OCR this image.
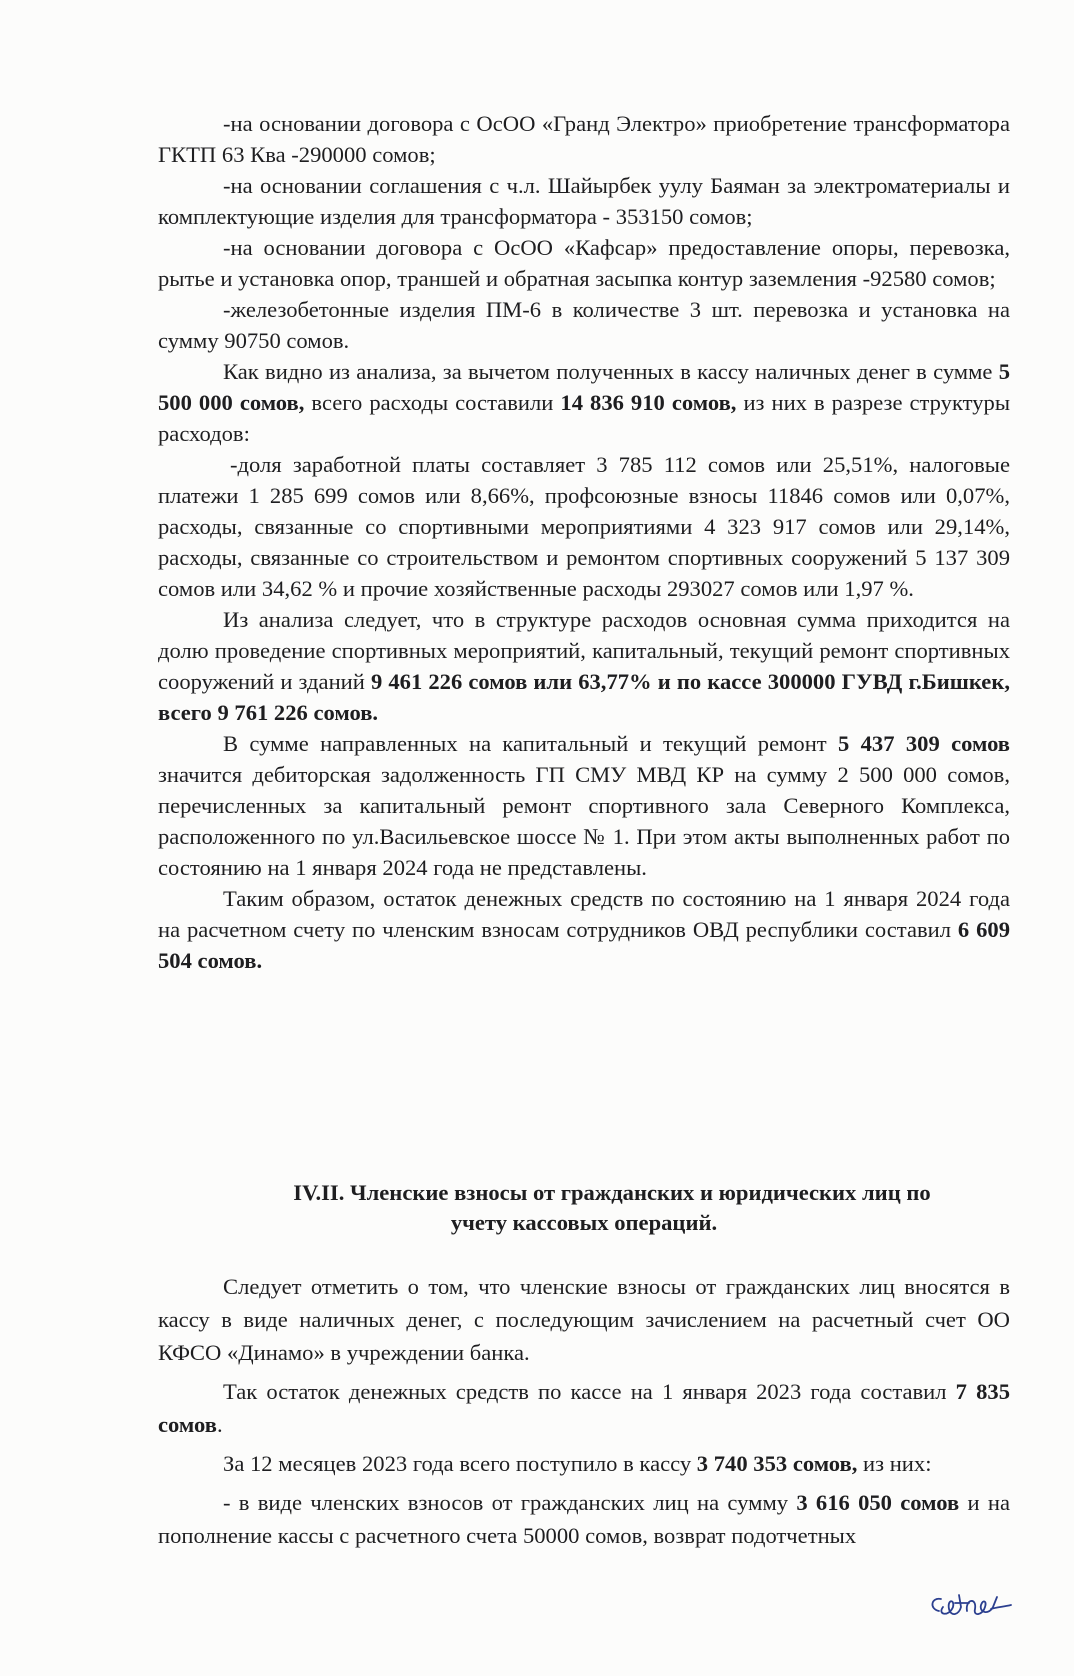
-на основании договора с ОсОО «Гранд Электро» приобретение трансформатора ГКТП 63 Ква -290000 сомов;

-на основании соглашения с ч.л. Шайырбек уулу Баяман за электроматериалы и комплектующие изделия для трансформатора - 353150 сомов;

-на основании договора с ОсОО «Кафсар» предоставление опоры, перевозка, рытье и установка опор, траншей и обратная засыпка контур заземления -92580 сомов;

-железобетонные изделия ПМ-6 в количестве 3 шт. перевозка и установка на сумму 90750 сомов.

Как видно из анализа, за вычетом полученных в кассу наличных денег в сумме 5 500 000 сомов, всего расходы составили 14 836 910 сомов, из них в разрезе структуры расходов:

-доля заработной платы составляет 3 785 112 сомов или 25,51%, налоговые платежи 1 285 699 сомов или 8,66%, профсоюзные взносы 11846 сомов или 0,07%, расходы, связанные со спортивными мероприятиями 4 323 917 сомов или 29,14%, расходы, связанные со строительством и ремонтом спортивных сооружений 5 137 309 сомов или 34,62 % и прочие хозяйственные расходы 293027 сомов или 1,97 %.

Из анализа следует, что в структуре расходов основная сумма приходится на долю проведение спортивных мероприятий, капитальный, текущий ремонт спортивных сооружений и зданий 9 461 226 сомов или 63,77% и по кассе 300000 ГУВД г.Бишкек, всего 9 761 226 сомов.

В сумме направленных на капитальный и текущий ремонт 5 437 309 сомов значится дебиторская задолженность ГП СМУ МВД КР на сумму 2 500 000 сомов, перечисленных за капитальный ремонт спортивного зала Северного Комплекса, расположенного по ул.Васильевское шоссе № 1. При этом акты выполненных работ по состоянию на 1 января 2024 года не представлены.

Таким образом, остаток денежных средств по состоянию на 1 января 2024 года на расчетном счету по членским взносам сотрудников ОВД республики составил 6 609 504 сомов.

IV.II. Членские взносы от гражданских и юридических лиц по
учету кассовых операций.

Следует отметить о том, что членские взносы от гражданских лиц вносятся в кассу в виде наличных денег, с последующим зачислением на расчетный счет ОО КФСО «Динамо» в учреждении банка.

Так остаток денежных средств по кассе на 1 января 2023 года составил 7 835 сомов.

За 12 месяцев 2023 года всего поступило в кассу 3 740 353 сомов, из них:

- в виде членских взносов от гражданских лиц на сумму 3 616 050 сомов и на пополнение кассы с расчетного счета 50000 сомов, возврат подотчетных
